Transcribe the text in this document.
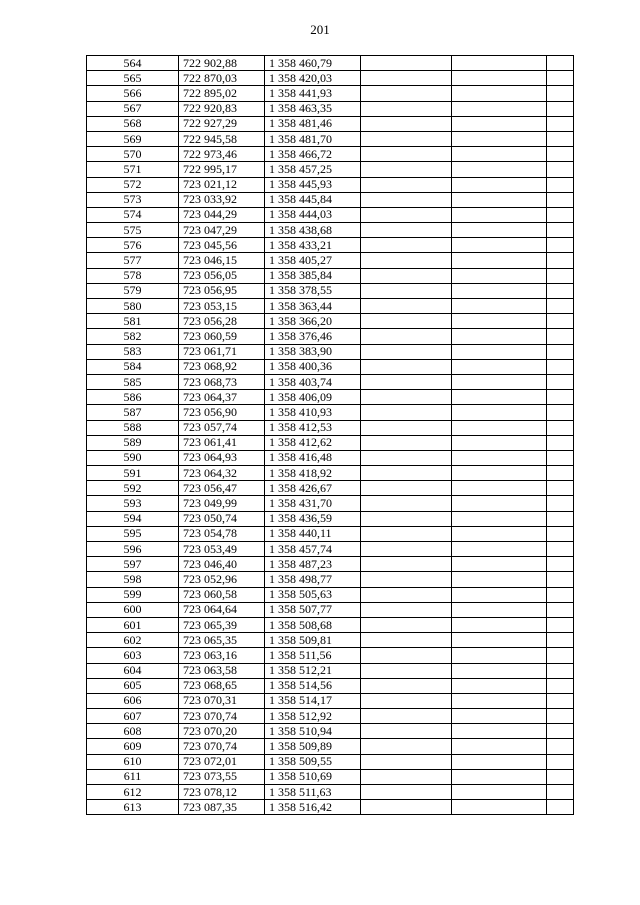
201
564	722 902,88	1 358 460,79			
565	722 870,03	1 358 420,03			
566	722 895,02	1 358 441,93			
567	722 920,83	1 358 463,35			
568	722 927,29	1 358 481,46			
569	722 945,58	1 358 481,70			
570	722 973,46	1 358 466,72			
571	722 995,17	1 358 457,25			
572	723 021,12	1 358 445,93			
573	723 033,92	1 358 445,84			
574	723 044,29	1 358 444,03			
575	723 047,29	1 358 438,68			
576	723 045,56	1 358 433,21			
577	723 046,15	1 358 405,27			
578	723 056,05	1 358 385,84			
579	723 056,95	1 358 378,55			
580	723 053,15	1 358 363,44			
581	723 056,28	1 358 366,20			
582	723 060,59	1 358 376,46			
583	723 061,71	1 358 383,90			
584	723 068,92	1 358 400,36			
585	723 068,73	1 358 403,74			
586	723 064,37	1 358 406,09			
587	723 056,90	1 358 410,93			
588	723 057,74	1 358 412,53			
589	723 061,41	1 358 412,62			
590	723 064,93	1 358 416,48			
591	723 064,32	1 358 418,92			
592	723 056,47	1 358 426,67			
593	723 049,99	1 358 431,70			
594	723 050,74	1 358 436,59			
595	723 054,78	1 358 440,11			
596	723 053,49	1 358 457,74			
597	723 046,40	1 358 487,23			
598	723 052,96	1 358 498,77			
599	723 060,58	1 358 505,63			
600	723 064,64	1 358 507,77			
601	723 065,39	1 358 508,68			
602	723 065,35	1 358 509,81			
603	723 063,16	1 358 511,56			
604	723 063,58	1 358 512,21			
605	723 068,65	1 358 514,56			
606	723 070,31	1 358 514,17			
607	723 070,74	1 358 512,92			
608	723 070,20	1 358 510,94			
609	723 070,74	1 358 509,89			
610	723 072,01	1 358 509,55			
611	723 073,55	1 358 510,69			
612	723 078,12	1 358 511,63			
613	723 087,35	1 358 516,42			
